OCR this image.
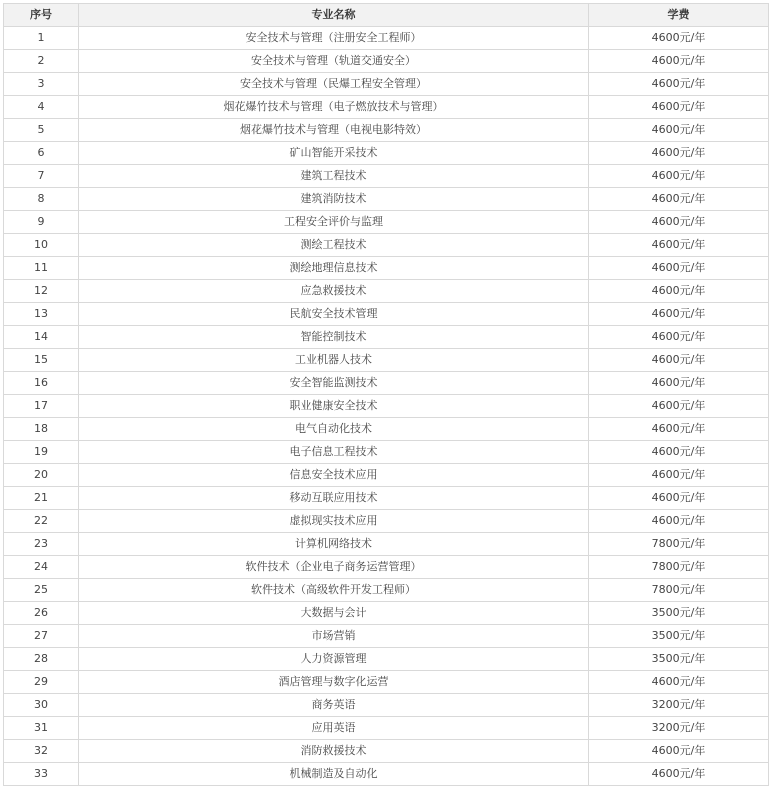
序号	专业名称	学费
1	安全技术与管理（注册安全工程师）	4600元/年
2	安全技术与管理（轨道交通安全）	4600元/年
3	安全技术与管理（民爆工程安全管理）	4600元/年
4	烟花爆竹技术与管理（电子燃放技术与管理）	4600元/年
5	烟花爆竹技术与管理（电视电影特效）	4600元/年
6	矿山智能开采技术	4600元/年
7	建筑工程技术	4600元/年
8	建筑消防技术	4600元/年
9	工程安全评价与监理	4600元/年
10	测绘工程技术	4600元/年
11	测绘地理信息技术	4600元/年
12	应急救援技术	4600元/年
13	民航安全技术管理	4600元/年
14	智能控制技术	4600元/年
15	工业机器人技术	4600元/年
16	安全智能监测技术	4600元/年
17	职业健康安全技术	4600元/年
18	电气自动化技术	4600元/年
19	电子信息工程技术	4600元/年
20	信息安全技术应用	4600元/年
21	移动互联应用技术	4600元/年
22	虚拟现实技术应用	4600元/年
23	计算机网络技术	7800元/年
24	软件技术（企业电子商务运营管理）	7800元/年
25	软件技术（高级软件开发工程师）	7800元/年
26	大数据与会计	3500元/年
27	市场营销	3500元/年
28	人力资源管理	3500元/年
29	酒店管理与数字化运营	4600元/年
30	商务英语	3200元/年
31	应用英语	3200元/年
32	消防救援技术	4600元/年
33	机械制造及自动化	4600元/年
